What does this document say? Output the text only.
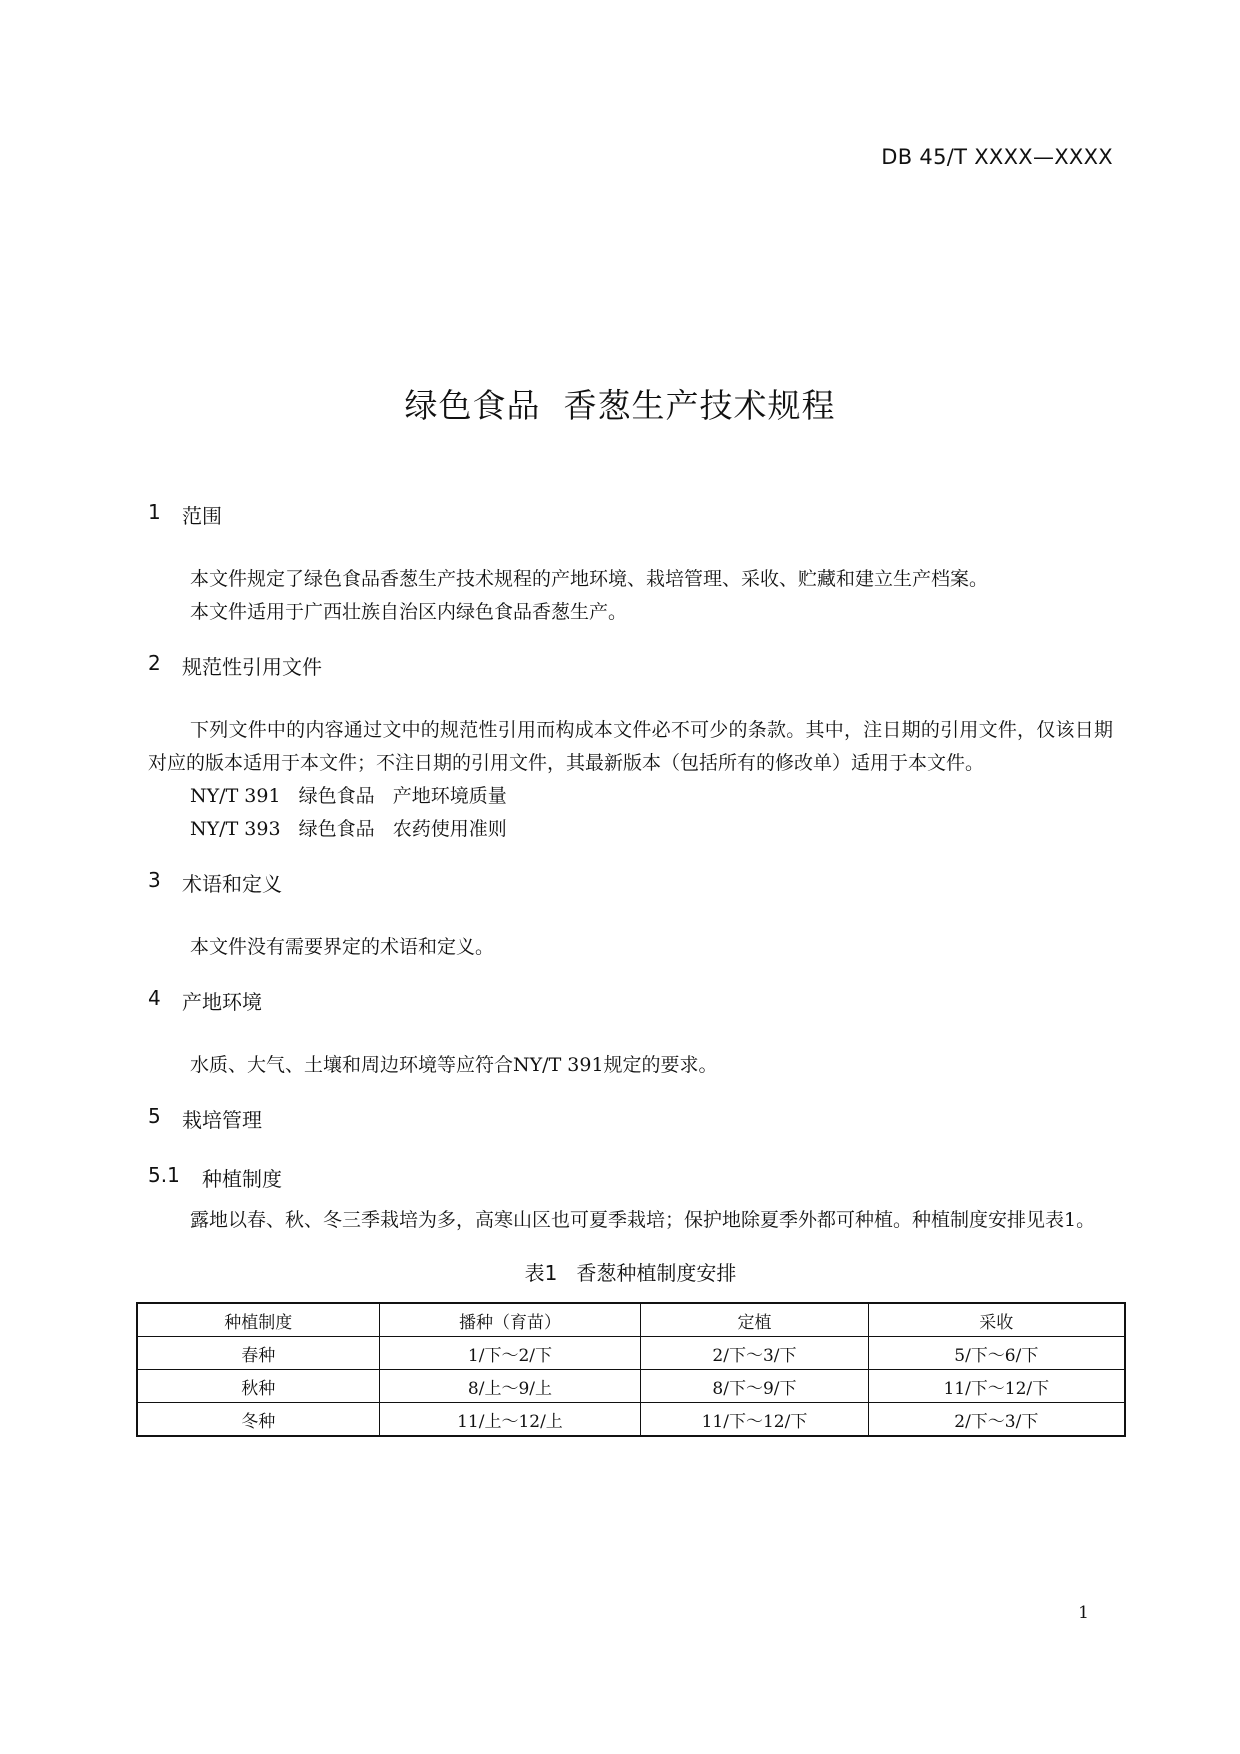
DB 45/T XXXX—XXXX
绿色食品  香葱生产技术规程
1	范围

本文件规定了绿色食品香葱生产技术规程的产地环境、栽培管理、采收、贮藏和建立生产档案。

本文件适用于广西壮族自治区内绿色食品香葱生产。

2	规范性引用文件

下列文件中的内容通过文中的规范性引用而构成本文件必不可少的条款。其中，注日期的引用文件，仅该日期对应的版本适用于本文件；不注日期的引用文件，其最新版本（包括所有的修改单）适用于本文件。

NY/T 391   绿色食品   产地环境质量
NY/T 393   绿色食品   农药使用准则
3	术语和定义

本文件没有需要界定的术语和定义。

4	产地环境

水质、大气、土壤和周边环境等应符合NY/T 391规定的要求。

5	栽培管理
5.1	种植制度

露地以春、秋、冬三季栽培为多，高寒山区也可夏季栽培；保护地除夏季外都可种植。种植制度安排见表1。

表1   香葱种植制度安排
种植制度	播种（育苗）	定植	采收
春种	1/下～2/下	2/下～3/下	5/下～6/下
秋种	8/上～9/上	8/下～9/下	11/下～12/下
冬种	11/上～12/上	11/下～12/下	2/下～3/下
1
